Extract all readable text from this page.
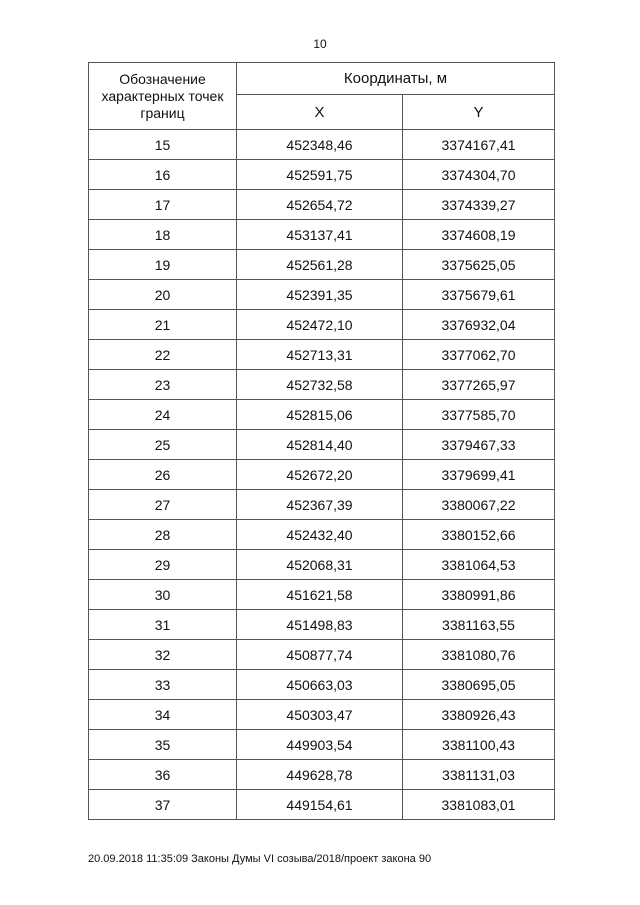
10
Обозначение характерных точек границ	Координаты, м	
	X	Y
15	452348,46	3374167,41
16	452591,75	3374304,70
17	452654,72	3374339,27
18	453137,41	3374608,19
19	452561,28	3375625,05
20	452391,35	3375679,61
21	452472,10	3376932,04
22	452713,31	3377062,70
23	452732,58	3377265,97
24	452815,06	3377585,70
25	452814,40	3379467,33
26	452672,20	3379699,41
27	452367,39	3380067,22
28	452432,40	3380152,66
29	452068,31	3381064,53
30	451621,58	3380991,86
31	451498,83	3381163,55
32	450877,74	3381080,76
33	450663,03	3380695,05
34	450303,47	3380926,43
35	449903,54	3381100,43
36	449628,78	3381131,03
37	449154,61	3381083,01
20.09.2018 11:35:09 Законы Думы VI созыва/2018/проект закона 90
